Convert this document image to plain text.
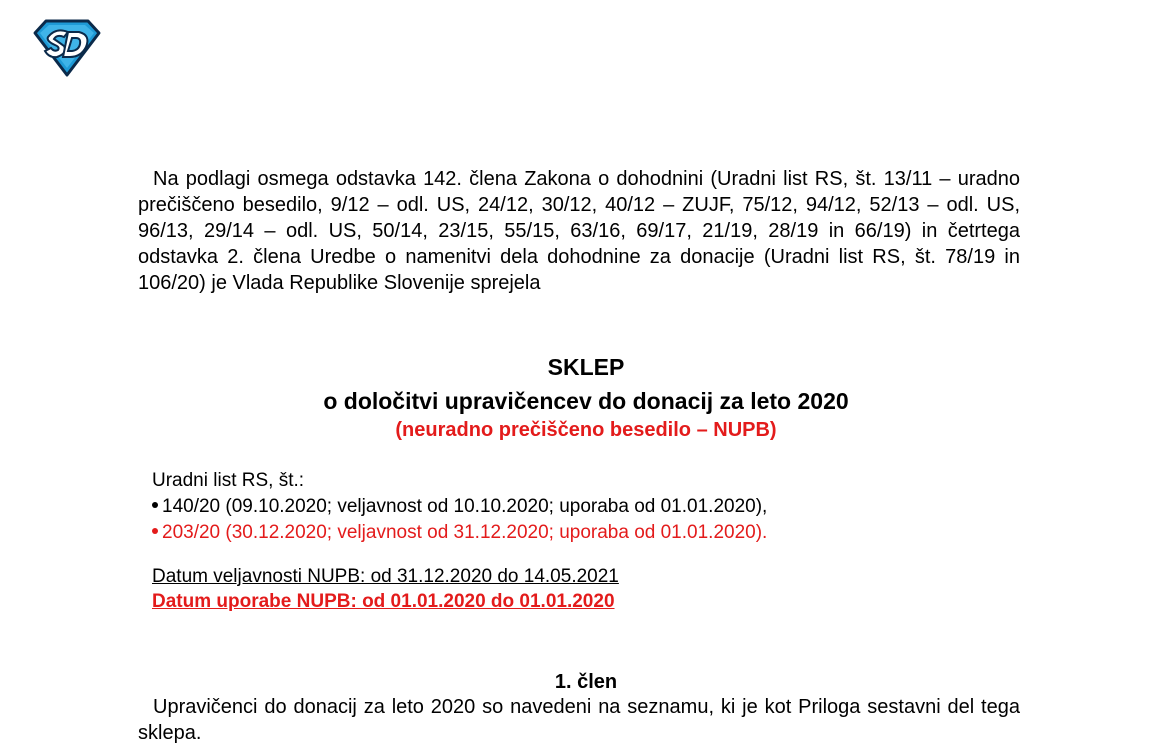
Na podlagi osmega odstavka 142. člena Zakona o dohodnini (Uradni list RS, št. 13/11 – uradno prečiščeno besedilo, 9/12 – odl. US, 24/12, 30/12, 40/12 – ZUJF, 75/12, 94/12, 52/13 – odl. US, 96/13, 29/14 – odl. US, 50/14, 23/15, 55/15, 63/16, 69/17, 21/19, 28/19 in 66/19) in četrtega odstavka 2. člena Uredbe o namenitvi dela dohodnine za donacije (Uradni list RS, št. 78/19 in 106/20) je Vlada Republike Slovenije sprejela

SKLEP
o določitvi upravičencev do donacij za leto 2020
(neuradno prečiščeno besedilo – NUPB)
Uradni list RS, št.:
140/20 (09.10.2020; veljavnost od 10.10.2020; uporaba od 01.01.2020),
203/20 (30.12.2020; veljavnost od 31.12.2020; uporaba od 01.01.2020).
Datum veljavnosti NUPB: od 31.12.2020 do 14.05.2021
Datum uporabe NUPB: od 01.01.2020 do 01.01.2020
1. člen

Upravičenci do donacij za leto 2020 so navedeni na seznamu, ki je kot Priloga sestavni del tega sklepa.
